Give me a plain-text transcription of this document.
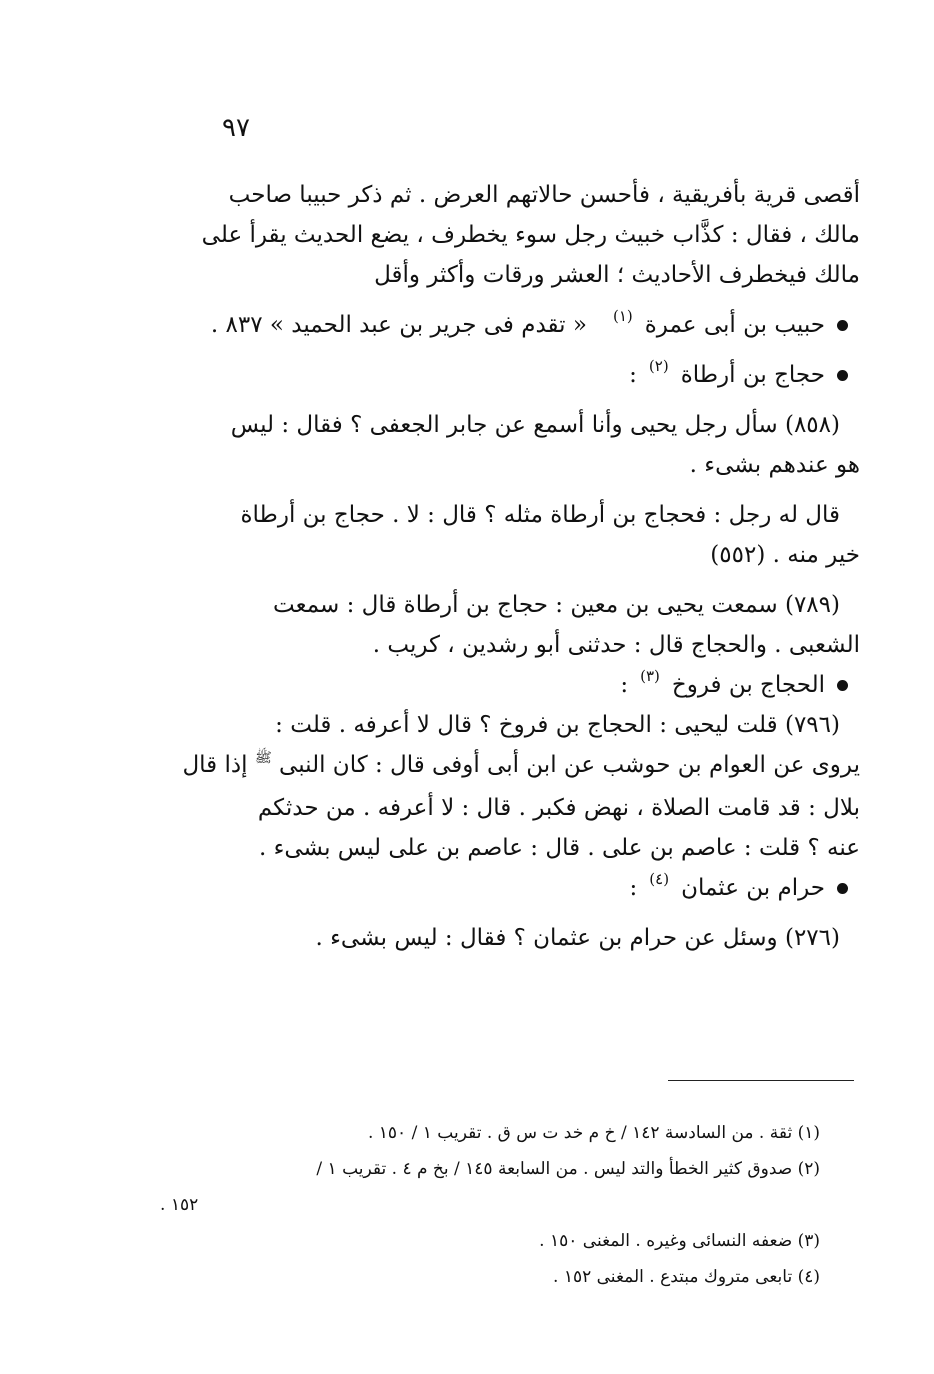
٩٧

أقصى قرية بأفريقية ، فأحسن حالاتهم العرض . ثم ذكر حبيبا صاحب

مالك ، فقال : كذَّاب خبيث رجل سوء يخطرف ، يضع الحديث يقرأ على

مالك فيخطرف الأحاديث ؛ العشر ورقات وأكثر وأقل

حبيب بن أبى عمرة
(١)
« تقدم فى جرير بن عبد الحميد » ٨٣٧ .

حجاج بن أرطاة
(٢)
:

(٨٥٨) سأل رجل يحيى وأنا أسمع عن جابر الجعفى ؟ فقال : ليس

هو عندهم بشىء .

قال له رجل : فحجاج بن أرطاة مثله ؟ قال : لا . حجاج بن أرطاة

خير منه . (٥٥٢)

(٧٨٩) سمعت يحيى بن معين : حجاج بن أرطاة قال : سمعت

الشعبى . والحجاج قال : حدثنى أبو رشدين ، كريب .

الحجاج بن فروخ
(٣)
:

(٧٩٦) قلت ليحيى : الحجاج بن فروخ ؟ قال لا أعرفه . قلت :

يروى عن العوام بن حوشب عن ابن أبى أوفى قال : كان النبى $^ﷺ$ إذا قال

بلال : قد قامت الصلاة ، نهض فكبر . قال : لا أعرفه . من حدثكم

عنه ؟ قلت : عاصم بن على . قال : عاصم بن على ليس بشىء .

حرام بن عثمان
(٤)
:

(٢٧٦) وسئل عن حرام بن عثمان ؟ فقال : ليس بشىء .

(١) ثقة . من السادسة ١٤٢ / خ م خد ت س ق . تقريب ١ / ١٥٠ .

(٢) صدوق كثير الخطأ والتد ليس . من السابعة ١٤٥ / بخ م ٤ . تقريب ١ /

١٥٢ .

(٣) ضعفه النسائى وغيره . المغنى ١٥٠ .

(٤) تابعى متروك مبتدع . المغنى ١٥٢ .
